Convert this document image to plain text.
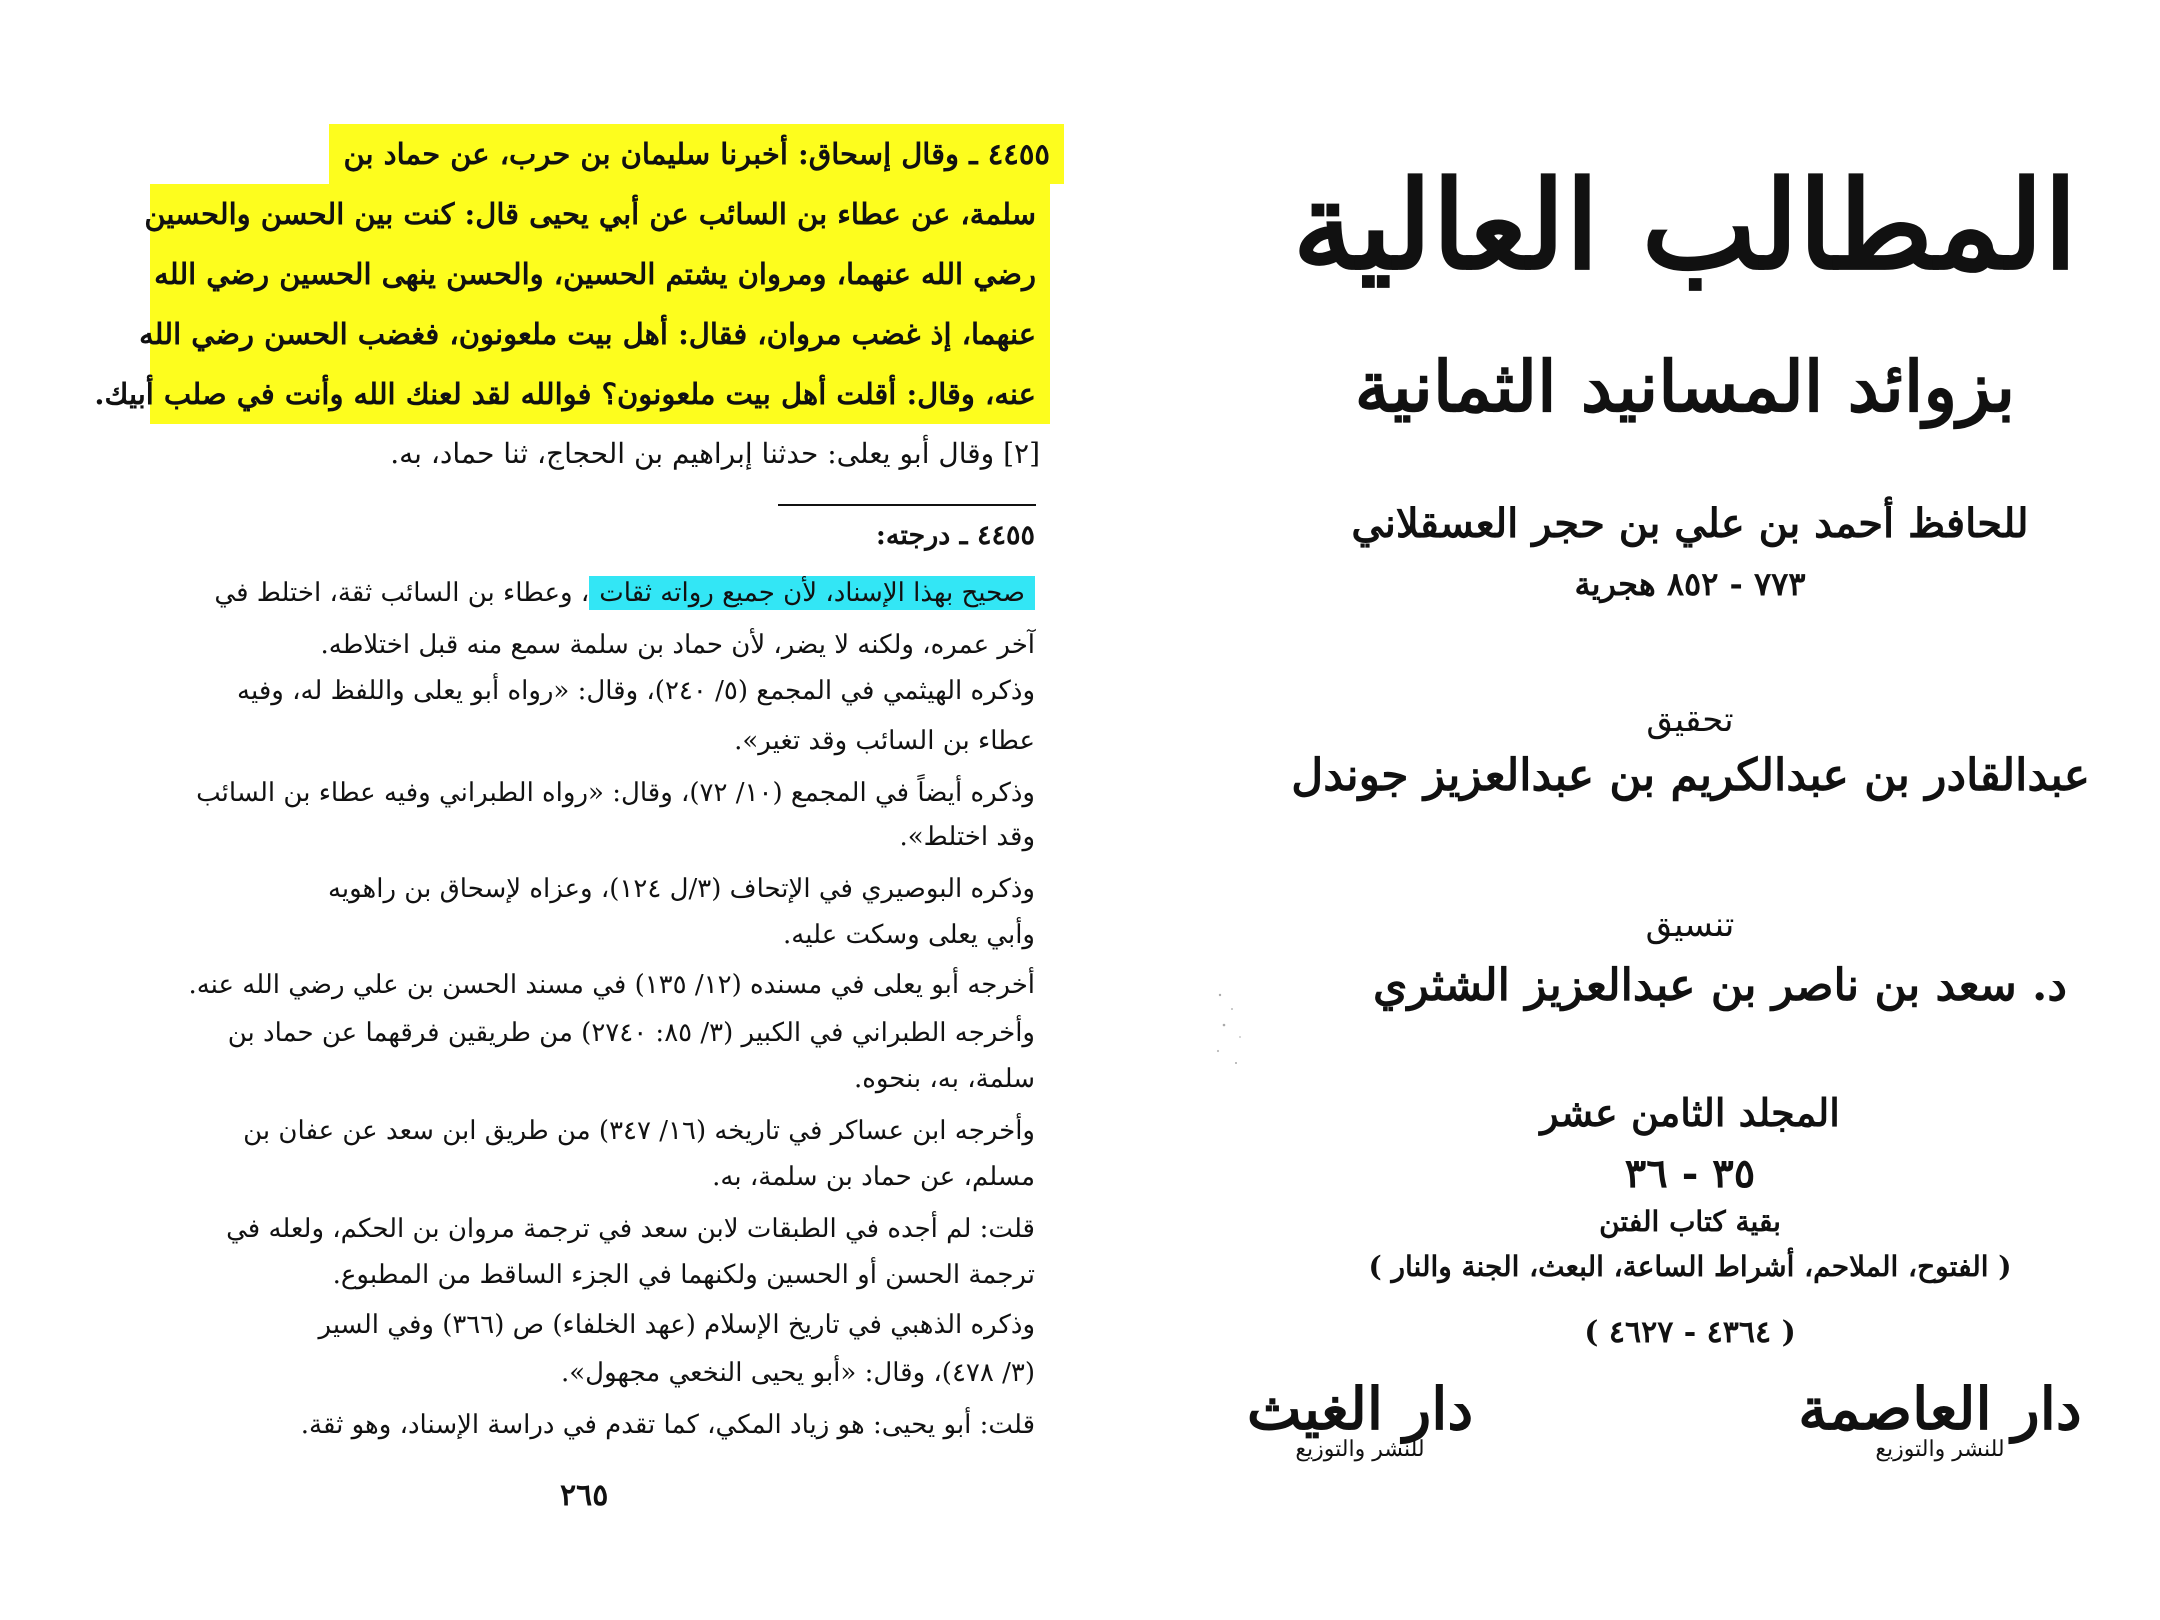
٤٤٥٥ ـ وقال إسحاق: أخبرنا سليمان بن حرب، عن حماد بن
سلمة، عن عطاء بن السائب عن أبي يحيى قال: كنت بين الحسن والحسين
رضي الله عنهما، ومروان يشتم الحسين، والحسن ينهى الحسين رضي الله
عنهما، إذ غضب مروان، فقال: أهل بيت ملعونون، فغضب الحسن رضي الله
عنه، وقال: أقلت أهل بيت ملعونون؟ فوالله لقد لعنك الله وأنت في صلب أبيك.
[٢] وقال أبو يعلى: حدثنا إبراهيم بن الحجاج، ثنا حماد، به.
٤٤٥٥ ـ درجته:
صحيح بهذا الإسناد، لأن جميع رواته ثقات، وعطاء بن السائب ثقة، اختلط في
آخر عمره، ولكنه لا يضر، لأن حماد بن سلمة سمع منه قبل اختلاطه.
وذكره الهيثمي في المجمع (٥/ ٢٤٠)، وقال: «رواه أبو يعلى واللفظ له، وفيه
عطاء بن السائب وقد تغير».
وذكره أيضاً في المجمع (١٠/ ٧٢)، وقال: «رواه الطبراني وفيه عطاء بن السائب
وقد اختلط».
وذكره البوصيري في الإتحاف (٣/ل ١٢٤)، وعزاه لإسحاق بن راهويه
وأبي يعلى وسكت عليه.
أخرجه أبو يعلى في مسنده (١٢/ ١٣٥) في مسند الحسن بن علي رضي الله عنه.
وأخرجه الطبراني في الكبير (٣/ ٨٥: ٢٧٤٠) من طريقين فرقهما عن حماد بن
سلمة، به، بنحوه.
وأخرجه ابن عساكر في تاريخه (١٦/ ٣٤٧) من طريق ابن سعد عن عفان بن
مسلم، عن حماد بن سلمة، به.
قلت: لم أجده في الطبقات لابن سعد في ترجمة مروان بن الحكم، ولعله في
ترجمة الحسن أو الحسين ولكنهما في الجزء الساقط من المطبوع.
وذكره الذهبي في تاريخ الإسلام (عهد الخلفاء) ص (٣٦٦) وفي السير
(٣/ ٤٧٨)، وقال: «أبو يحيى النخعي مجهول».
قلت: أبو يحيى: هو زياد المكي، كما تقدم في دراسة الإسناد، وهو ثقة.
٢٦٥
المطالب العالية
بزوائد المسانيد الثمانية
للحافظ أحمد بن علي بن حجر العسقلاني
٧٧٣ - ٨٥٢ هجرية
تحقيق
عبدالقادر بن عبدالكريم بن عبدالعزيز جوندل
تنسيق
د. سعد بن ناصر بن عبدالعزيز الشثري
المجلد الثامن عشر
٣٥ - ٣٦
بقية كتاب الفتن
( الفتوح، الملاحم، أشراط الساعة، البعث، الجنة والنار )
( ٤٣٦٤ - ٤٦٢٧ )
دار العاصمة
للنشر والتوزيع
دار الغيث
للنشر والتوزيع
